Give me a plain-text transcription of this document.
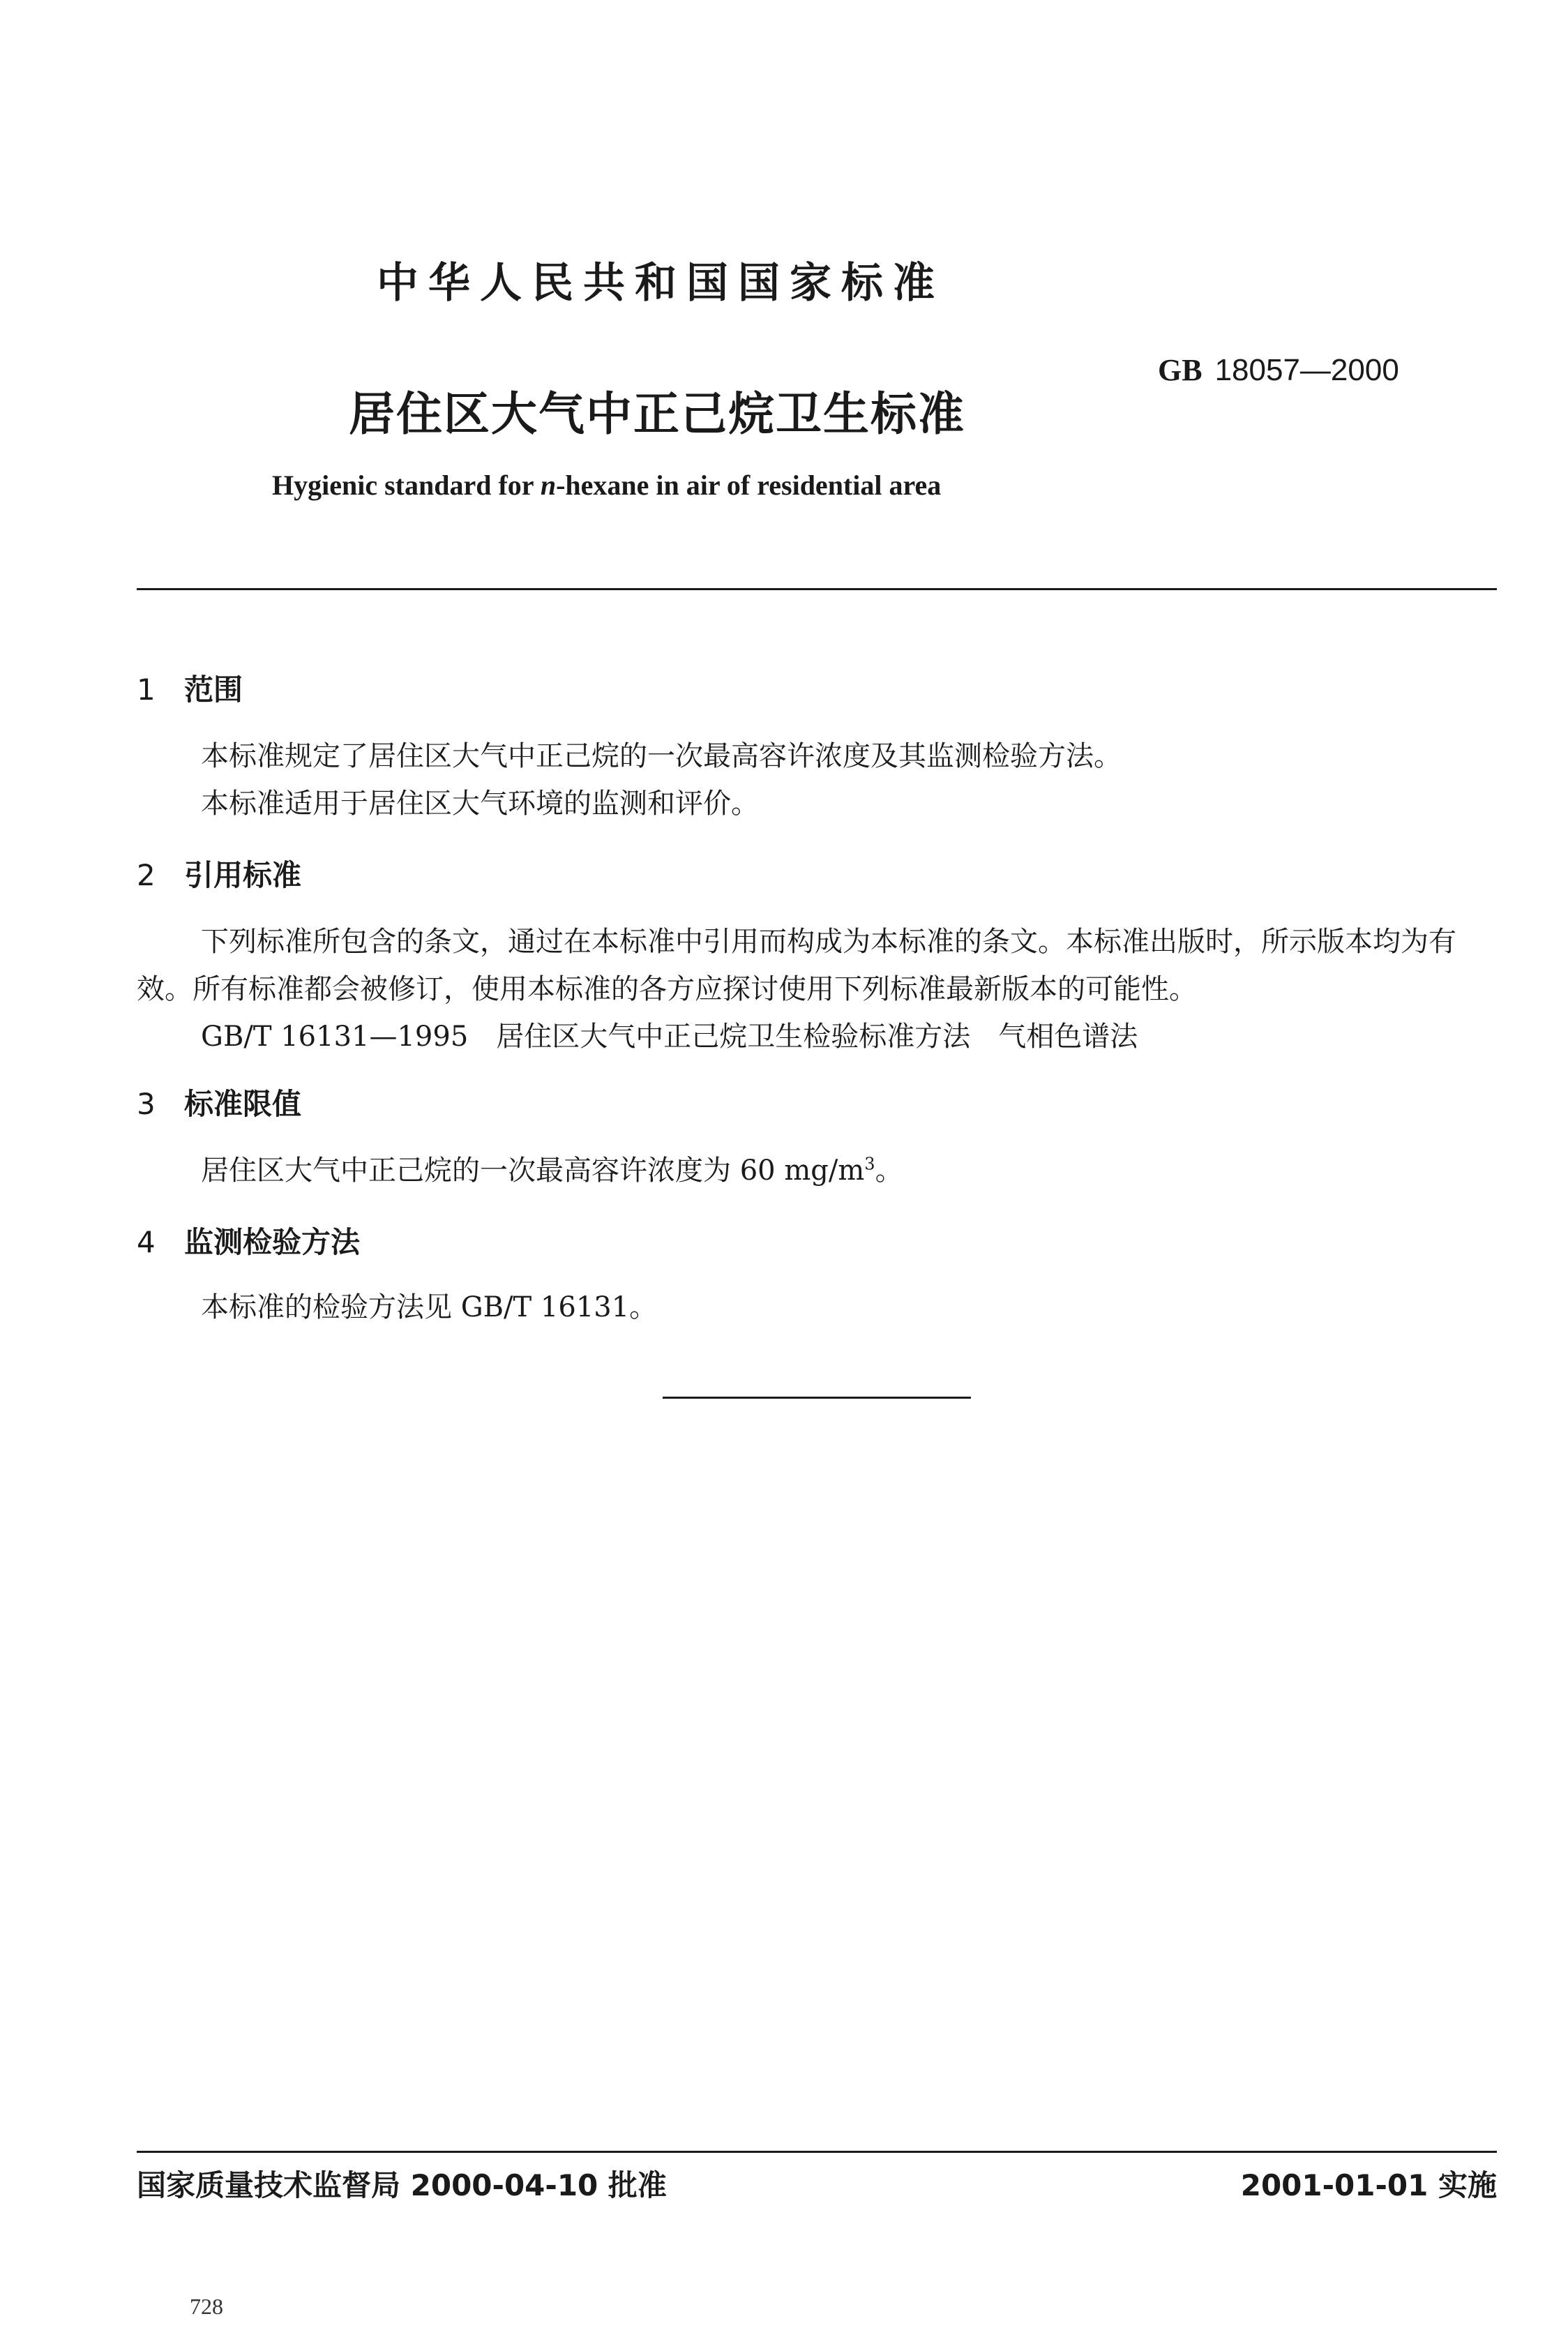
中华人民共和国国家标准
GB 18057—2000
居住区大气中正己烷卫生标准
Hygienic standard for n-hexane in air of residential area
1 范围
本标准规定了居住区大气中正己烷的一次最高容许浓度及其监测检验方法。
本标准适用于居住区大气环境的监测和评价。
2 引用标准
下列标准所包含的条文，通过在本标准中引用而构成为本标准的条文。本标准出版时，所示版本均为有效。所有标准都会被修订，使用本标准的各方应探讨使用下列标准最新版本的可能性。
GB/T 16131—1995　居住区大气中正己烷卫生检验标准方法　气相色谱法
3 标准限值
居住区大气中正己烷的一次最高容许浓度为 60 $mg/m^3$。
4 监测检验方法
本标准的检验方法见 GB/T 16131。
国家质量技术监督局 2000-04-10 批准	2001-01-01 实施
728
